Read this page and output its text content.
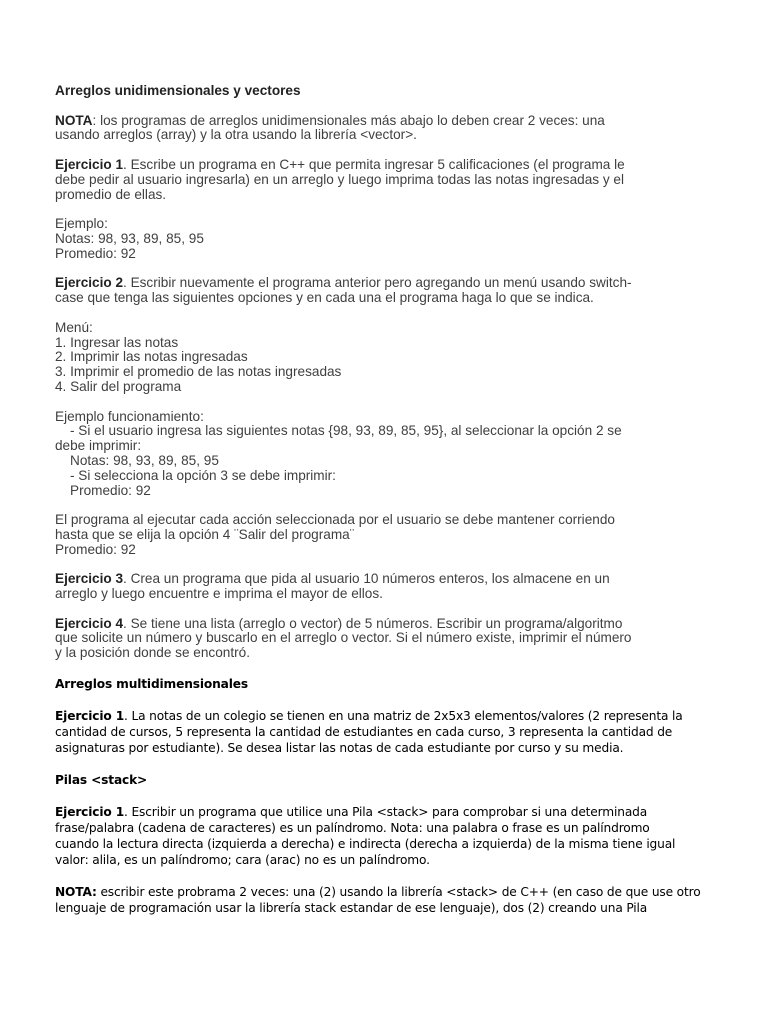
Arreglos unidimensionales y vectores

NOTA: los programas de arreglos unidimensionales más abajo lo deben crear 2 veces: una

usando arreglos (array) y la otra usando la librería <vector>.

Ejercicio 1. Escribe un programa en C++ que permita ingresar 5 calificaciones (el programa le

debe pedir al usuario ingresarla) en un arreglo y luego imprima todas las notas ingresadas y el

promedio de ellas.

Ejemplo:

Notas: 98, 93, 89, 85, 95

Promedio: 92

Ejercicio 2. Escribir nuevamente el programa anterior pero agregando un menú usando switch-

case que tenga las siguientes opciones y en cada una el programa haga lo que se indica.

Menú:

1. Ingresar las notas

2. Imprimir las notas ingresadas

3. Imprimir el promedio de las notas ingresadas

4. Salir del programa

Ejemplo funcionamiento:

- Si el usuario ingresa las siguientes notas {98, 93, 89, 85, 95}, al seleccionar la opción 2 se

debe imprimir:

Notas: 98, 93, 89, 85, 95

- Si selecciona la opción 3 se debe imprimir:

Promedio: 92

El programa al ejecutar cada acción seleccionada por el usuario se debe mantener corriendo

hasta que se elija la opción 4 ¨Salir del programa¨

Promedio: 92

Ejercicio 3. Crea un programa que pida al usuario 10 números enteros, los almacene en un

arreglo y luego encuentre e imprima el mayor de ellos.

Ejercicio 4. Se tiene una lista (arreglo o vector) de 5 números. Escribir un programa/algoritmo

que solicite un número y buscarlo en el arreglo o vector. Si el número existe, imprimir el número

y la posición donde se encontró.

Arreglos multidimensionales

Ejercicio 1. La notas de un colegio se tienen en una matriz de 2x5x3 elementos/valores (2 representa la

cantidad de cursos, 5 representa la cantidad de estudiantes en cada curso, 3 representa la cantidad de

asignaturas por estudiante). Se desea listar las notas de cada estudiante por curso y su media.

Pilas <stack>

Ejercicio 1. Escribir un programa que utilice una Pila <stack> para comprobar si una determinada

frase/palabra (cadena de caracteres) es un palíndromo. Nota: una palabra o frase es un palíndromo

cuando la lectura directa (izquierda a derecha) e indirecta (derecha a izquierda) de la misma tiene igual

valor: alila, es un palíndromo; cara (arac) no es un palíndromo.

NOTA: escribir este probrama 2 veces: una (2) usando la librería <stack> de C++ (en caso de que use otro

lenguaje de programación usar la librería stack estandar de ese lenguaje), dos (2) creando una Pila
